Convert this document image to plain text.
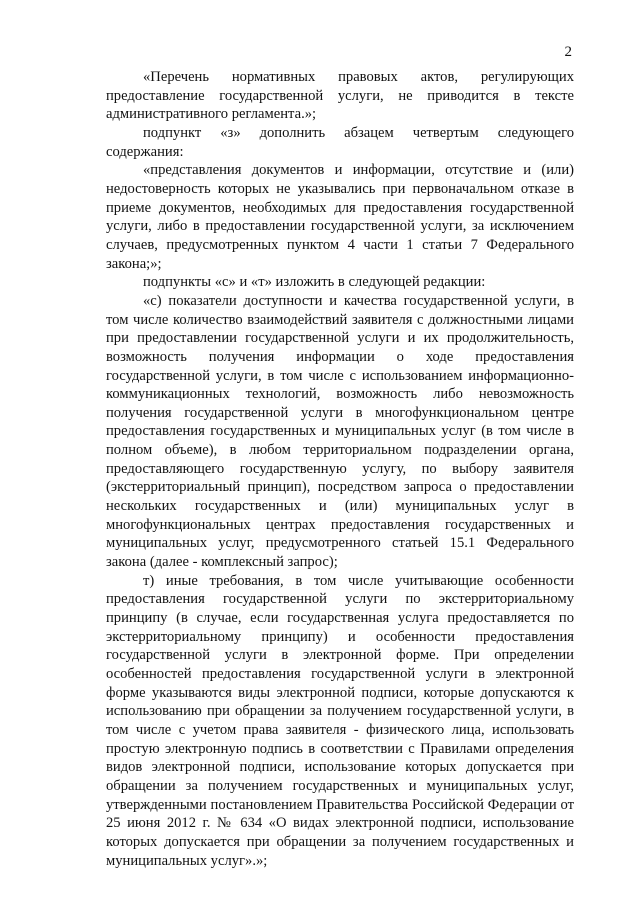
2

«Перечень нормативных правовых актов, регулирующих предоставление государственной услуги, не приводится в тексте административного регламента.»;

подпункт «з» дополнить абзацем четвертым следующего содержания:

«представления документов и информации, отсутствие и (или) недостоверность которых не указывались при первоначальном отказе в приеме документов, необходимых для предоставления государственной услуги, либо в предоставлении государственной услуги, за исключением случаев, предусмотренных пунктом 4 части 1 статьи 7 Федерального закона;»;

подпункты «с» и «т» изложить в следующей редакции:

«с) показатели доступности и качества государственной услуги, в том числе количество взаимодействий заявителя с должностными лицами при предоставлении государственной услуги и их продолжительность, возможность получения информации о ходе предоставления государственной услуги, в том числе с использованием информационно-коммуникационных технологий, возможность либо невозможность получения государственной услуги в многофункциональном центре предоставления государственных и муниципальных услуг (в том числе в полном объеме), в любом территориальном подразделении органа, предоставляющего государственную услугу, по выбору заявителя (экстерриториальный принцип), посредством запроса о предоставлении нескольких государственных и (или) муниципальных услуг в многофункциональных центрах предоставления государственных и муниципальных услуг, предусмотренного статьей 15.1 Федерального закона (далее - комплексный запрос);

т) иные требования, в том числе учитывающие особенности предоставления государственной услуги по экстерриториальному принципу (в случае, если государственная услуга предоставляется по экстерриториальному принципу) и особенности предоставления государственной услуги в электронной форме. При определении особенностей предоставления государственной услуги в электронной форме указываются виды электронной подписи, которые допускаются к использованию при обращении за получением государственной услуги, в том числе с учетом права заявителя - физического лица, использовать простую электронную подпись в соответствии с Правилами определения видов электронной подписи, использование которых допускается при обращении за получением государственных и муниципальных услуг, утвержденными постановлением Правительства Российской Федерации от 25 июня 2012 г. № 634 «О видах электронной подписи, использование которых допускается при обращении за получением государственных и муниципальных услуг».»;
